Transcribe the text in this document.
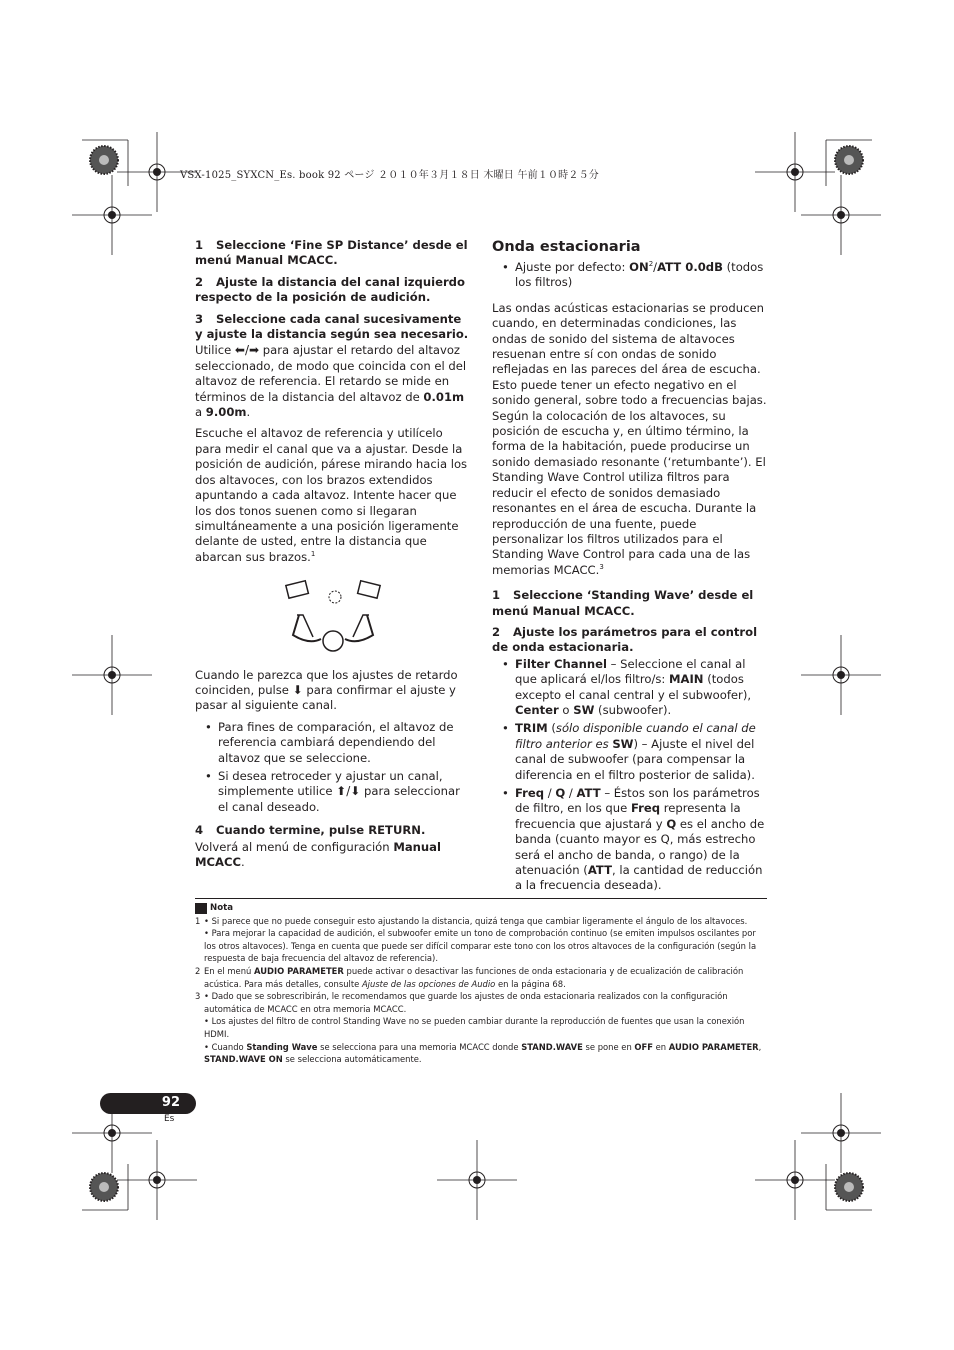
VSX-1025_SYXCN_Es. book 92 ページ ２０１０年３月１８日 木曜日 午前１０時２５分
1 Seleccione ‘Fine SP Distance’ desde el menú Manual MCACC.
2 Ajuste la distancia del canal izquierdo respecto de la posición de audición.
3 Seleccione cada canal sucesivamente y ajuste la distancia según sea necesario.

Utilice ⬅/➡ para ajustar el retardo del altavoz seleccionado, de modo que coincida con el del altavoz de referencia. El retardo se mide en términos de la distancia del altavoz de 0.01m a 9.00m.

Escuche el altavoz de referencia y utilícelo para medir el canal que va a ajustar. Desde la posición de audición, párese mirando hacia los dos altavoces, con los brazos extendidos apuntando a cada altavoz. Intente hacer que los dos tonos suenen como si llegaran simultáneamente a una posición ligeramente delante de usted, entre la distancia que abarcan sus brazos.$^1$

Cuando le parezca que los ajustes de retardo coinciden, pulse ⬇ para confirmar el ajuste y pasar al siguiente canal.

• Para fines de comparación, el altavoz de referencia cambiará dependiendo del altavoz que se seleccione.
• Si desea retroceder y ajustar un canal, simplemente utilice ⬆/⬇ para seleccionar el canal deseado.
4 Cuando termine, pulse RETURN.

Volverá al menú de configuración Manual MCACC.

Onda estacionaria
• Ajuste por defecto: $ON^2$/ATT 0.0dB (todos los filtros)

Las ondas acústicas estacionarias se producen cuando, en determinadas condiciones, las ondas de sonido del sistema de altavoces resuenan entre sí con ondas de sonido reflejadas en las pareces del área de escucha. Esto puede tener un efecto negativo en el sonido general, sobre todo a frecuencias bajas. Según la colocación de los altavoces, su posición de escucha y, en último término, la forma de la habitación, puede producirse un sonido demasiado resonante (‘retumbante’). El Standing Wave Control utiliza filtros para reducir el efecto de sonidos demasiado resonantes en el área de escucha. Durante la reproducción de una fuente, puede personalizar los filtros utilizados para el Standing Wave Control para cada una de las memorias MCACC.$^3$

1 Seleccione ‘Standing Wave’ desde el menú Manual MCACC.
2 Ajuste los parámetros para el control de onda estacionaria.
• Filter Channel – Seleccione el canal al que aplicará el/los filtro/s: MAIN (todos excepto el canal central y el subwoofer), Center o SW (subwoofer).
• TRIM (sólo disponible cuando el canal de filtro anterior es SW) – Ajuste el nivel del canal de subwoofer (para compensar la diferencia en el filtro posterior de salida).
• Freq / Q / ATT – Éstos son los parámetros de filtro, en los que Freq representa la frecuencia que ajustará y Q es el ancho de banda (cuanto mayor es Q, más estrecho será el ancho de banda, o rango) de la atenuación (ATT, la cantidad de reducción a la frecuencia deseada).
Nota
1 • Si parece que no puede conseguir esto ajustando la distancia, quizá tenga que cambiar ligeramente el ángulo de los altavoces.

• Para mejorar la capacidad de audición, el subwoofer emite un tono de comprobación continuo (se emiten impulsos oscilantes por los otros altavoces). Tenga en cuenta que puede ser difícil comparar este tono con los otros altavoces de la configuración (según la respuesta de baja frecuencia del altavoz de referencia).

2 En el menú AUDIO PARAMETER puede activar o desactivar las funciones de onda estacionaria y de ecualización de calibración acústica. Para más detalles, consulte Ajuste de las opciones de Audio en la página 68.

3 • Dado que se sobrescribirán, le recomendamos que guarde los ajustes de onda estacionaria realizados con la configuración automática de MCACC en otra memoria MCACC.

• Los ajustes del filtro de control Standing Wave no se pueden cambiar durante la reproducción de fuentes que usan la conexión HDMI.

• Cuando Standing Wave se selecciona para una memoria MCACC donde STAND.WAVE se pone en OFF en AUDIO PARAMETER, STAND.WAVE ON se selecciona automáticamente.

92
Es
